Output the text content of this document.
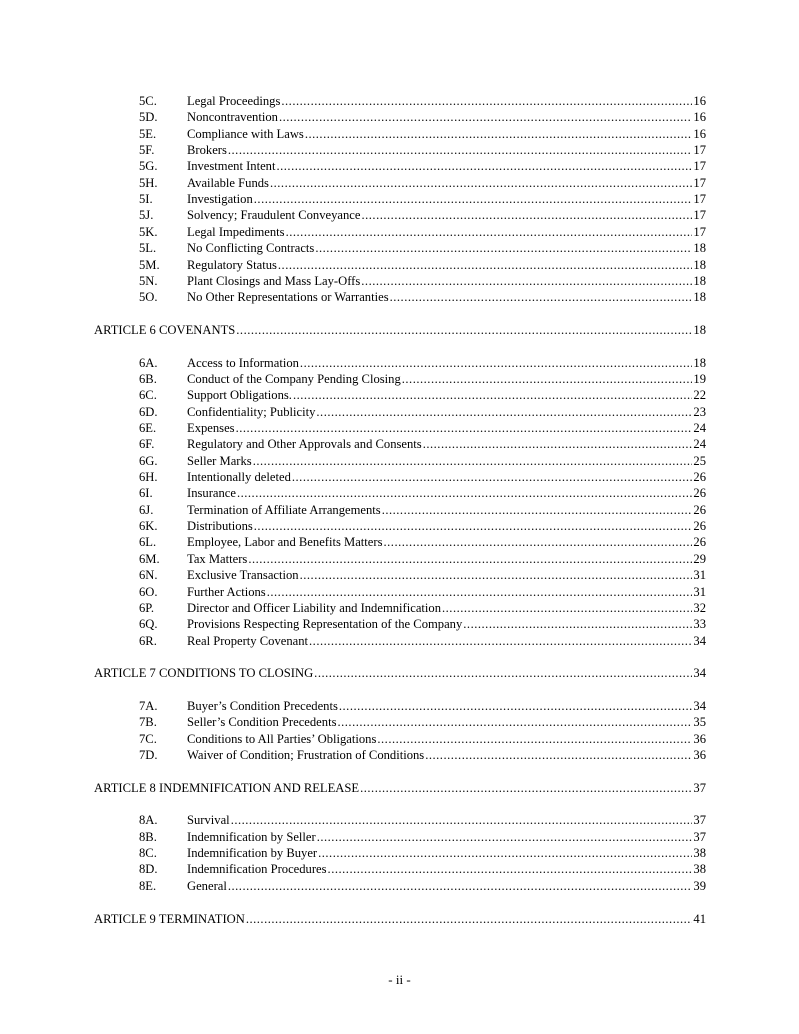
5C.	Legal Proceedings .....	16
5D.	Noncontravention .....	16
5E.	Compliance with Laws .....	16
5F.	Brokers .....	17
5G.	Investment Intent .....	17
5H.	Available Funds .....	17
5I.	Investigation .....	17
5J.	Solvency; Fraudulent Conveyance .....	17
5K.	Legal Impediments .....	17
5L.	No Conflicting Contracts .....	18
5M.	Regulatory Status .....	18
5N.	Plant Closings and Mass Lay-Offs .....	18
5O.	No Other Representations or Warranties .....	18
ARTICLE 6 COVENANTS .....	18
6A.	Access to Information .....	18
6B.	Conduct of the Company Pending Closing .....	19
6C.	Support Obligations. .....	22
6D.	Confidentiality; Publicity .....	23
6E.	Expenses .....	24
6F.	Regulatory and Other Approvals and Consents .....	24
6G.	Seller Marks .....	25
6H.	Intentionally deleted .....	26
6I.	Insurance .....	26
6J.	Termination of Affiliate Arrangements .....	26
6K.	Distributions .....	26
6L.	Employee, Labor and Benefits Matters .....	26
6M.	Tax Matters .....	29
6N.	Exclusive Transaction .....	31
6O.	Further Actions .....	31
6P.	Director and Officer Liability and Indemnification .....	32
6Q.	Provisions Respecting Representation of the Company .....	33
6R.	Real Property Covenant .....	34
ARTICLE 7 CONDITIONS TO CLOSING .....	34
7A.	Buyer’s Condition Precedents .....	34
7B.	Seller’s Condition Precedents .....	35
7C.	Conditions to All Parties’ Obligations .....	36
7D.	Waiver of Condition; Frustration of Conditions .....	36
ARTICLE 8 INDEMNIFICATION AND RELEASE .....	37
8A.	Survival .....	37
8B.	Indemnification by Seller .....	37
8C.	Indemnification by Buyer .....	38
8D.	Indemnification Procedures .....	38
8E.	General .....	39
ARTICLE 9 TERMINATION .....	41
- ii -
